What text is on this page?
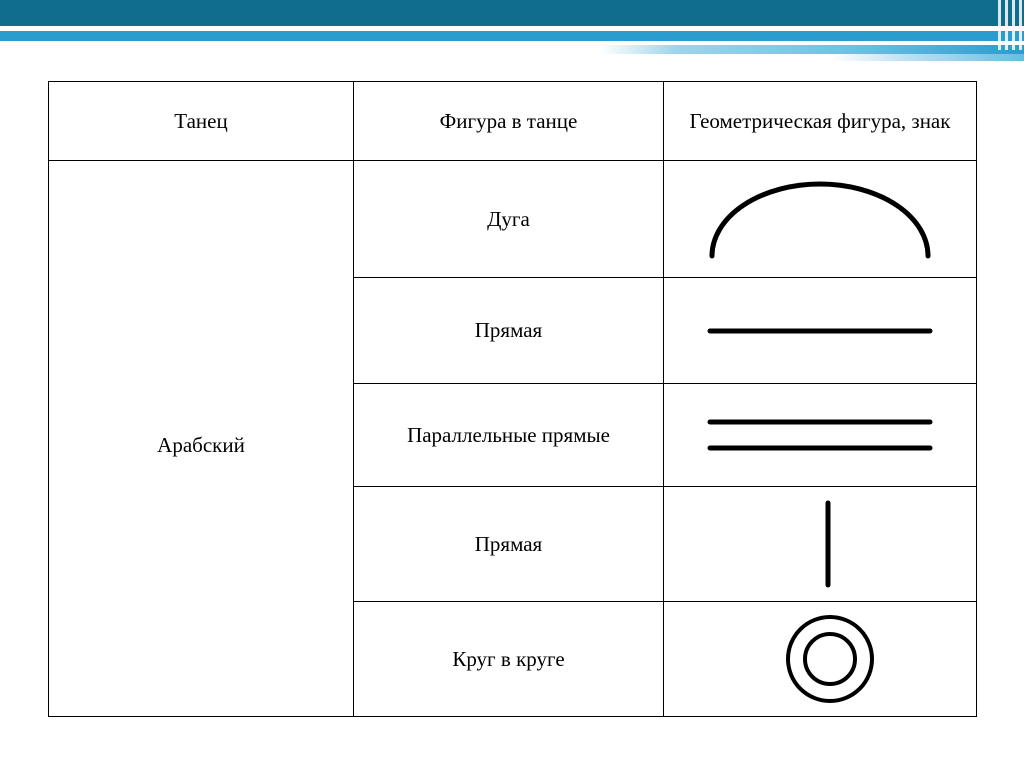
Танец	Фигура в танце	Геометрическая фигура, знак
Арабский	Дуга	

	Прямая	

	Параллельные прямые	

	Прямая	

	Круг в круге	
